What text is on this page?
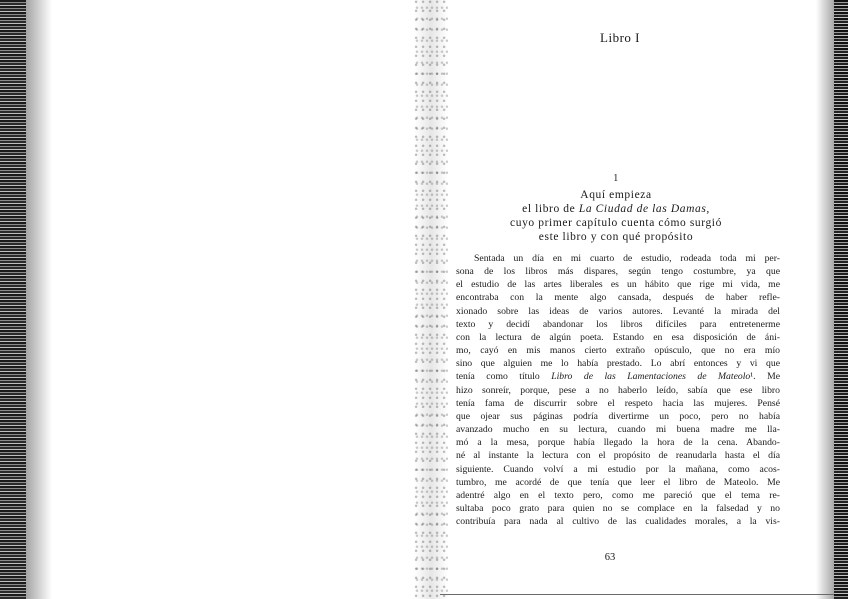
Libro I
1
Aquí empieza
el libro de La Ciudad de las Damas,
cuyo primer capítulo cuenta cómo surgió
este libro y con qué propósito
Sentada un día en mi cuarto de estudio, rodeada toda mi per-
sona de los libros más dispares, según tengo costumbre, ya que
el estudio de las artes liberales es un hábito que rige mi vida, me
encontraba con la mente algo cansada, después de haber refle-
xionado sobre las ideas de varios autores. Levanté la mirada del
texto y decidí abandonar los libros difíciles para entretenerme
con la lectura de algún poeta. Estando en esa disposición de áni-
mo, cayó en mis manos cierto extraño opúsculo, que no era mío
sino que alguien me lo había prestado. Lo abrí entonces y vi que
tenía como título Libro de las Lamentaciones de Mateolo¹. Me
hizo sonreír, porque, pese a no haberlo leído, sabía que ese libro
tenía fama de discurrir sobre el respeto hacia las mujeres. Pensé
que ojear sus páginas podría divertirme un poco, pero no había
avanzado mucho en su lectura, cuando mi buena madre me lla-
mó a la mesa, porque había llegado la hora de la cena. Abando-
né al instante la lectura con el propósito de reanudarla hasta el día
siguiente. Cuando volví a mi estudio por la mañana, como acos-
tumbro, me acordé de que tenía que leer el libro de Mateolo. Me
adentré algo en el texto pero, como me pareció que el tema re-
sultaba poco grato para quien no se complace en la falsedad y no
contribuía para nada al cultivo de las cualidades morales, a la vis-
63
